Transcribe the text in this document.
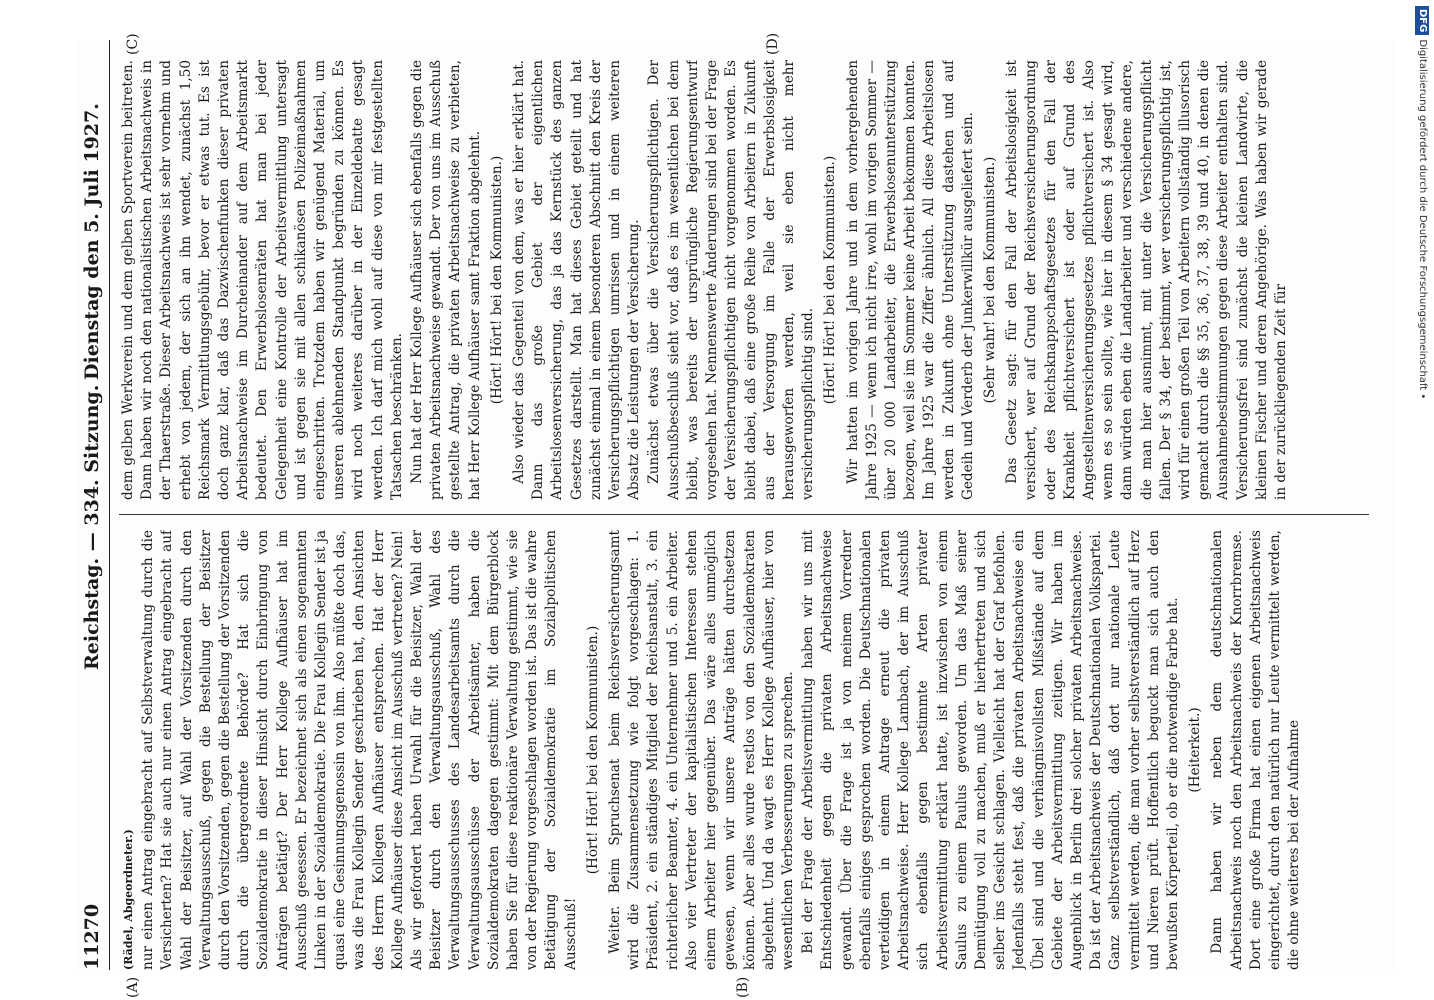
11270
Reichstag. — 334. Sitzung.
Dienstag den 5. Juli 1927.
(A)	(B)
(C)	(D)

(Rädel, Abgeordneter.) nur einen Antrag eingebracht auf Selbstverwaltung durch die Versicherten? Hat sie auch nur einen Antrag eingebracht auf Wahl der Beisitzer, auf Wahl der Vorsitzenden durch den Verwaltungsausschuß, gegen die Bestellung der Beisitzer durch den Vorsitzenden, gegen die Bestellung der Vorsitzenden durch die übergeordnete Behörde? Hat sich die Sozialdemokratie in dieser Hinsicht durch Einbringung von Anträgen betätigt? Der Herr Kollege Aufhäuser hat im Ausschuß gesessen. Er bezeichnet sich als einen sogenannten Linken in der Sozialdemokratie. Die Frau Kollegin Sender ist ja quasi eine Gesinnungsgenossin von ihm. Also müßte doch das, was die Frau Kollegin Sender geschrieben hat, den Ansichten des Herrn Kollegen Aufhäuser entsprechen. Hat der Herr Kollege Aufhäuser diese Ansicht im Ausschuß vertreten? Nein! Als wir gefordert haben Urwahl für die Beisitzer, Wahl der Beisitzer durch den Verwaltungsausschuß, Wahl des Verwaltungsausschusses des Landesarbeitsamts durch die Verwaltungsausschüsse der Arbeitsämter, haben die Sozialdemokraten dagegen gestimmt: Mit dem Bürgerblock haben Sie für diese reaktionäre Verwaltung gestimmt, wie sie von der Regierung vorgeschlagen worden ist. Das ist die wahre Betätigung der Sozialdemokratie im Sozialpolitischen Ausschuß!

(Hört! Hört! bei den Kommunisten.) Weiter. Beim Spruchsenat beim Reichsversicherungsamt wird die Zusammensetzung wie folgt vorgeschlagen: 1. Präsident, 2. ein ständiges Mitglied der Reichsanstalt, 3. ein richterlicher Beamter, 4. ein Unternehmer und 5. ein Arbeiter. Also vier Vertreter der kapitalistischen Interessen stehen einem Arbeiter hier gegenüber. Das wäre alles unmöglich gewesen, wenn wir unsere Anträge hätten durchsetzen können. Aber alles wurde restlos von den Sozialdemokraten abgelehnt. Und da wagt es Herr Kollege Aufhäuser, hier von wesentlichen Verbesserungen zu sprechen. Bei der Frage der Arbeitsvermittlung haben wir uns mit Entschiedenheit gegen die privaten Arbeitsnachweise gewandt. Über die Frage ist ja von meinem Vorredner ebenfalls einiges gesprochen worden. Die Deutschnationalen verteidigen in einem Antrage erneut die privaten Arbeitsnachweise. Herr Kollege Lambach, der im Ausschuß sich ebenfalls gegen bestimmte Arten privater Arbeitsvermittlung erklärt hatte, ist inzwischen von einem Saulus zu einem Paulus geworden. Um das Maß seiner Demütigung voll zu machen, muß er hierhertreten und sich selber ins Gesicht schlagen. Vielleicht hat der Graf befohlen. Jedenfalls steht fest, daß die privaten Arbeitsnachweise ein Übel sind und die verhängnisvollsten Mißstände auf dem Gebiete der Arbeitsvermittlung zeitigen. Wir haben im Augenblick in Berlin drei solcher privaten Arbeitsnachweise. Da ist der Arbeitsnachweis der Deutschnationalen Volkspartei. Ganz selbstverständlich, daß dort nur nationale Leute vermittelt werden, die man vorher selbstverständlich auf Herz und Nieren prüft. Hoffentlich beguckt man sich auch den bewußten Körperteil, ob er die notwendige Farbe hat. (Heiterkeit.) Dann haben wir neben dem deutschnationalen Arbeitsnachweis noch den Arbeitsnachweis der Knorrbremse. Dort eine große Firma hat einen eigenen Arbeitsnachweis eingerichtet, durch den natürlich nur Leute vermittelt werden, die ohne weiteres bei der Aufnahme

dem gelben Werkverein und dem gelben Sportverein beitreten. Dann haben wir noch den nationalistischen Arbeitsnachweis in der Thaerstraße. Dieser Arbeitsnachweis ist sehr vornehm und erhebt von jedem, der sich an ihn wendet, zunächst 1,50 Reichsmark Vermittlungsgebühr, bevor er etwas tut. Es ist doch ganz klar, daß das Dazwischenfunken dieser privaten Arbeitsnachweise im Durcheinander auf dem Arbeitsmarkt bedeutet. Den Erwerbslosenräten hat man bei jeder Gelegenheit eine Kontrolle der Arbeitsvermittlung untersagt und ist gegen sie mit allen schikanösen Polizeimaßnahmen eingeschritten. Trotzdem haben wir genügend Material, um unseren ablehnenden Standpunkt begründen zu können. Es wird noch weiteres darüber in der Einzeldebatte gesagt werden. Ich darf mich wohl auf diese von mir festgestellten Tatsachen beschränken. Nun hat der Herr Kollege Aufhäuser sich ebenfalls gegen die privaten Arbeitsnachweise gewandt. Der von uns im Ausschuß gestellte Antrag, die privaten Arbeitsnachweise zu verbieten, hat Herr Kollege Aufhäuser samt Fraktion abgelehnt. (Hört! Hört! bei den Kommunisten.) Also wieder das Gegenteil von dem, was er hier erklärt hat. Dann das große Gebiet der eigentlichen Arbeitslosenversicherung, das ja das Kernstück des ganzen Gesetzes darstellt. Man hat dieses Gebiet geteilt und hat zunächst einmal in einem besonderen Abschnitt den Kreis der Versicherungspflichtigen umrissen und in einem weiteren Absatz die Leistungen der Versicherung. Zunächst etwas über die Versicherungspflichtigen. Der Ausschußbeschluß sieht vor, daß es im wesentlichen bei dem bleibt, was bereits der ursprüngliche Regierungsentwurf vorgesehen hat. Nennenswerte Änderungen sind bei der Frage der Versicherungspflichtigen nicht vorgenommen worden. Es bleibt dabei, daß eine große Reihe von Arbeitern in Zukunft aus der Versorgung im Falle der Erwerbslosigkeit herausgeworfen werden, weil sie eben nicht mehr versicherungspflichtig sind. (Hört! Hört! bei den Kommunisten.) Wir hatten im vorigen Jahre und in dem vorhergehenden Jahre 1925 — wenn ich nicht irre, wohl im vorigen Sommer — über 20 000 Landarbeiter, die Erwerbslosenunterstützung bezogen, weil sie im Sommer keine Arbeit bekommen konnten. Im Jahre 1925 war die Ziffer ähnlich. All diese Arbeitslosen werden in Zukunft ohne Unterstützung dastehen und auf Gedeih und Verderb der Junkerwillkür ausgeliefert sein. (Sehr wahr! bei den Kommunisten.) Das Gesetz sagt: für den Fall der Arbeitslosigkeit ist versichert, wer auf Grund der Reichsversicherungsordnung oder des Reichsknappschaftsgesetzes für den Fall der Krankheit pflichtversichert ist oder auf Grund des Angestelltenversicherungsgesetzes pflichtversichert ist. Also wenn es so sein sollte, wie hier in diesem § 34 gesagt wird, dann würden eben die Landarbeiter und verschiedene andere, die man hier ausnimmt, mit unter die Versicherungspflicht fallen. Der § 34, der bestimmt, wer versicherungspflichtig ist, wird für einen großen Teil von Arbeitern vollständig illusorisch gemacht durch die §§ 35, 36, 37, 38, 39 und 40, in denen die Ausnahmebestimmungen gegen diese Arbeiter enthalten sind. Versicherungsfrei sind zunächst die kleinen Landwirte, die kleinen Fischer und deren Angehörige. Was haben wir gerade in der zurückliegenden Zeit für

DFGDigitalisierung gefördert durch die Deutsche Forschungsgemeinschaft •
